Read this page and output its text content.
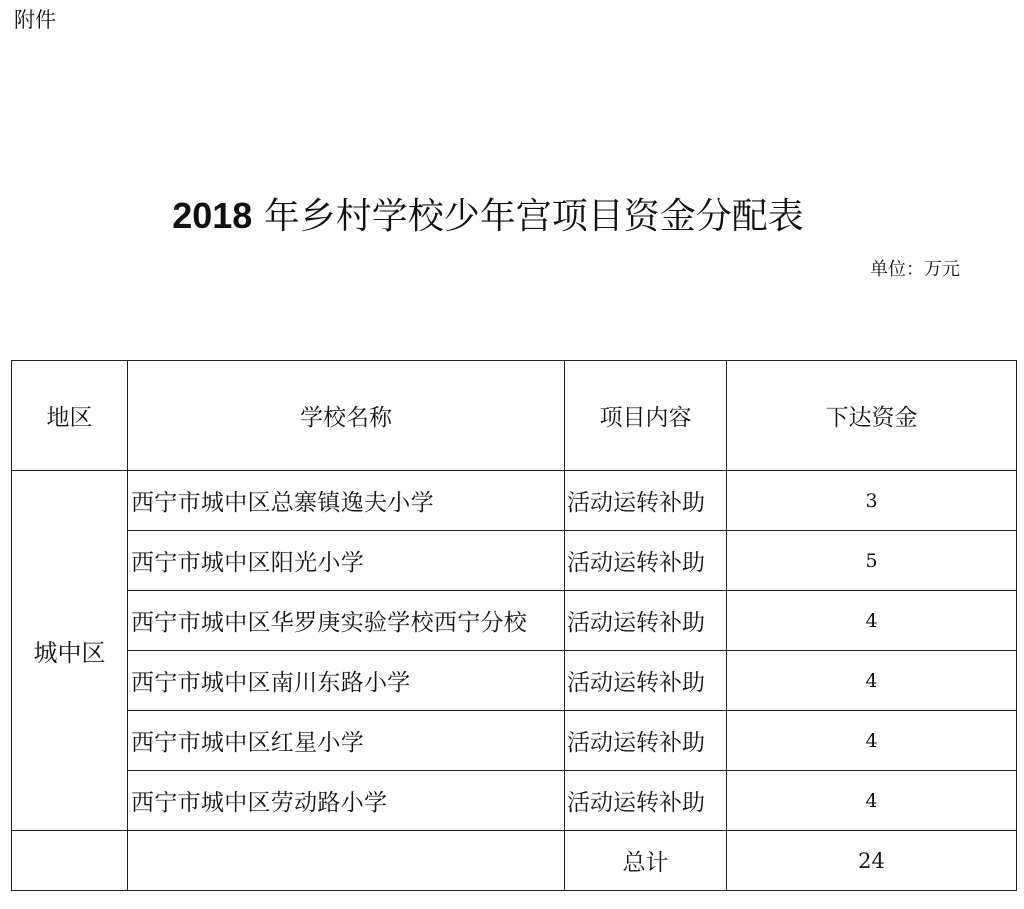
附件
2018 年乡村学校少年宫项目资金分配表
单位：万元
地区	学校名称	项目内容	下达资金
城中区	西宁市城中区总寨镇逸夫小学	活动运转补助	3
	西宁市城中区阳光小学	活动运转补助	5
	西宁市城中区华罗庚实验学校西宁分校	活动运转补助	4
	西宁市城中区南川东路小学	活动运转补助	4
	西宁市城中区红星小学	活动运转补助	4
	西宁市城中区劳动路小学	活动运转补助	4
		总计	24
